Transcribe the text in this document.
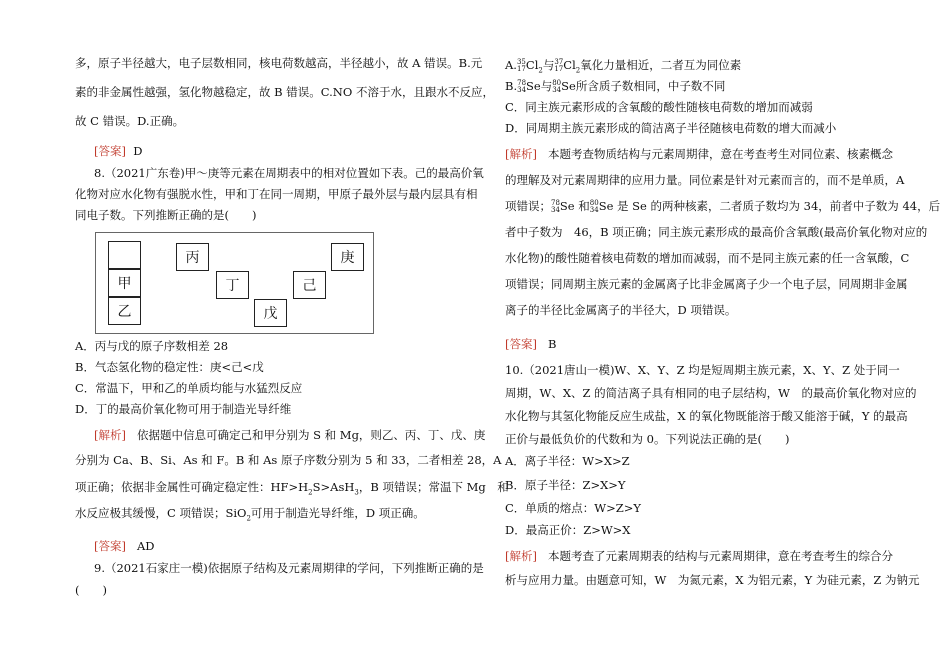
多，原子半径越大，电子层数相同，核电荷数越高，半径越小，故 A 错误。B.元
素的非金属性越强，氢化物越稳定，故 B 错误。C.NO 不溶于水，且跟水不反应，
故 C 错误。D.正确。
[答案] D
8.（2021广东卷)甲～庚等元素在周期表中的相对位置如下表。己的最高价氧
化物对应水化物有强脱水性，甲和丁在同一周期，甲原子最外层与最内层具有相
同电子数。下列推断正确的是(　　)
A．丙与戊的原子序数相差 28
B．气态氢化物的稳定性：庚<己<戊
C．常温下，甲和乙的单质均能与水猛烈反应
D．丁的最高价氧化物可用于制造光导纤维
[解析] 依据题中信息可确定己和甲分别为 S 和 Mg，则乙、丙、丁、戊、庚
分别为 Ca、B、Si、As 和 F。B 和 As 原子序数分别为 5 和 33，二者相差 28，A
项正确；依据非金属性可确定稳定性：$HF>H_2S>AsH_3$，B 项错误；常温下 Mg　和
水反应极其缓慢，C 项错误；SiO$_2$可用于制造光导纤维，D 项正确。
[答案] AD
9.（2021石家庄一模)依据原子结构及元素周期律的学问，下列推断正确的是
(　　)
甲
乙
丙
丁
戊
己
庚
A.35
$17Cl_2$与37
$17Cl_2$氧化力量相近，二者互为同位素
B.78
34Se与80
34Se所含质子数相同，中子数不同
C．同主族元素形成的含氧酸的酸性随核电荷数的增加而减弱
D．同周期主族元素形成的简洁离子半径随核电荷数的增大而减小
[解析] 本题考查物质结构与元素周期律，意在考查考生对同位素、核素概念
的理解及对元素周期律的应用力量。同位素是针对元素而言的，而不是单质，A
项错误；78
34Se 和80
34Se 是 Se 的两种核素，二者质子数均为 34，前者中子数为 44，后
者中子数为　46，B 项正确；同主族元素形成的最高价含氧酸(最高价氧化物对应的
水化物)的酸性随着核电荷数的增加而减弱，而不是同主族元素的任一含氧酸，C
项错误；同周期主族元素的金属离子比非金属离子少一个电子层，同周期非金属
离子的半径比金属离子的半径大，D 项错误。
[答案] B
10.（2021唐山一模)W、X、Y、Z 均是短周期主族元素，X、Y、Z 处于同一
周期，W、X、Z 的简洁离子具有相同的电子层结构，W　的最高价氧化物对应的
水化物与其氢化物能反应生成盐，X 的氧化物既能溶于酸又能溶于碱，Y 的最高
正价与最低负价的代数和为 0。下列说法正确的是(　　)
A．离子半径：W>X>Z
B．原子半径：Z>X>Y
C．单质的熔点：W>Z>Y
D．最高正价：Z>W>X
[解析] 本题考查了元素周期表的结构与元素周期律，意在考查考生的综合分
析与应用力量。由题意可知，W　为氮元素，X 为铝元素，Y 为硅元素，Z 为钠元
